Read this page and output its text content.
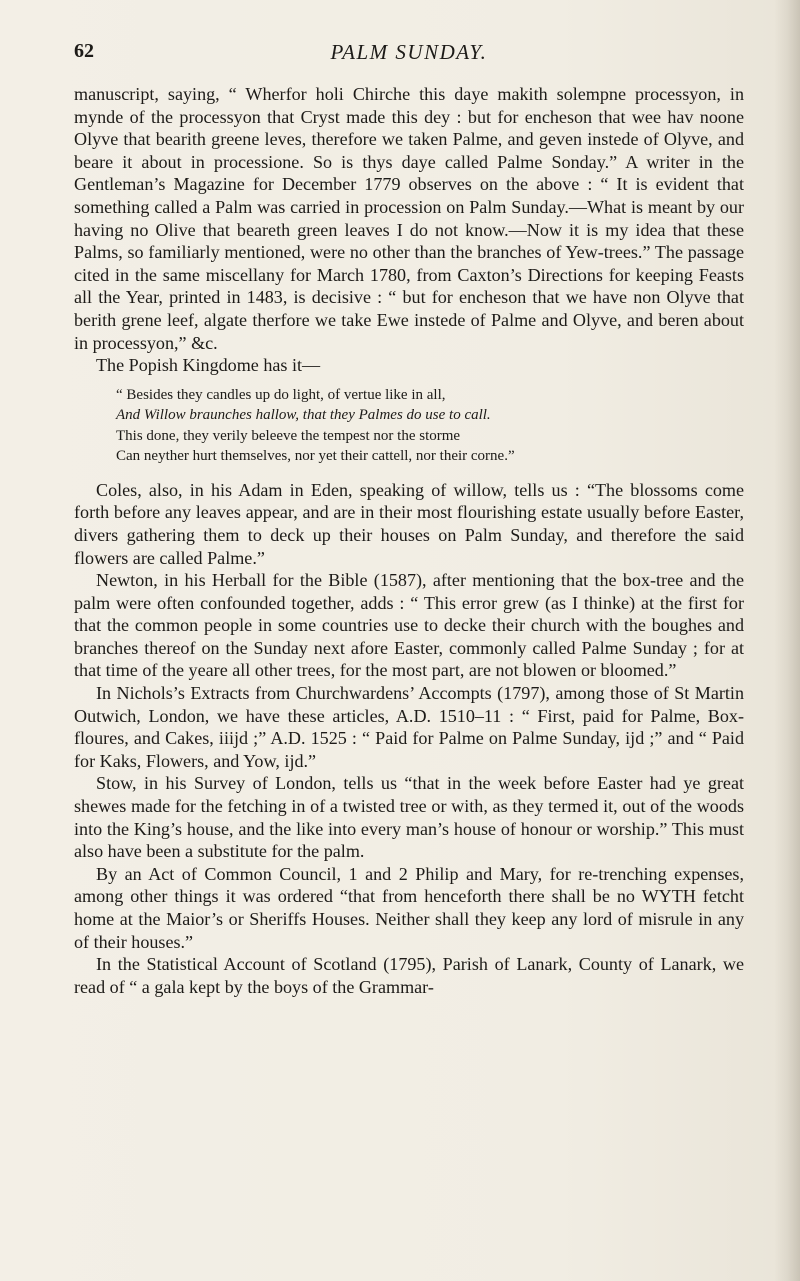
62	PALM SUNDAY.

manuscript, saying, “ Wherfor holi Chirche this daye makith solempne processyon, in mynde of the processyon that Cryst made this dey : but for encheson that wee hav noone Olyve that bearith greene leves, therefore we taken Palme, and geven instede of Olyve, and beare it about in processione. So is thys daye called Palme Sonday.” A writer in the Gentleman’s Magazine for December 1779 observes on the above : “ It is evident that something called a Palm was carried in procession on Palm Sunday.—What is meant by our having no Olive that beareth green leaves I do not know.—Now it is my idea that these Palms, so familiarly mentioned, were no other than the branches of Yew-trees.” The passage cited in the same miscellany for March 1780, from Caxton’s Directions for keeping Feasts all the Year, printed in 1483, is decisive : “ but for encheson that we have non Olyve that berith grene leef, algate therfore we take Ewe instede of Palme and Olyve, and beren about in processyon,” &c.

The Popish Kingdome has it—

“ Besides they candles up do light, of vertue like in all,
And Willow braunches hallow, that they Palmes do use to call.
This done, they verily beleeve the tempest nor the storme
Can neyther hurt themselves, nor yet their cattell, nor their corne.”

Coles, also, in his Adam in Eden, speaking of willow, tells us : “The blossoms come forth before any leaves appear, and are in their most flourishing estate usually before Easter, divers gathering them to deck up their houses on Palm Sunday, and therefore the said flowers are called Palme.”

Newton, in his Herball for the Bible (1587), after mentioning that the box-tree and the palm were often confounded together, adds : “ This error grew (as I thinke) at the first for that the common people in some countries use to decke their church with the boughes and branches thereof on the Sunday next afore Easter, commonly called Palme Sunday ; for at that time of the yeare all other trees, for the most part, are not blowen or bloomed.”

In Nichols’s Extracts from Churchwardens’ Accompts (1797), among those of St Martin Outwich, London, we have these articles, A.D. 1510–11 : “ First, paid for Palme, Box-floures, and Cakes, iiijd ;” A.D. 1525 : “ Paid for Palme on Palme Sunday, ijd ;” and “ Paid for Kaks, Flowers, and Yow, ijd.”

Stow, in his Survey of London, tells us “that in the week before Easter had ye great shewes made for the fetching in of a twisted tree or with, as they termed it, out of the woods into the King’s house, and the like into every man’s house of honour or worship.” This must also have been a substitute for the palm.

By an Act of Common Council, 1 and 2 Philip and Mary, for re-trenching expenses, among other things it was ordered “that from henceforth there shall be no WYTH fetcht home at the Maior’s or Sheriffs Houses. Neither shall they keep any lord of misrule in any of their houses.”

In the Statistical Account of Scotland (1795), Parish of Lanark, County of Lanark, we read of “ a gala kept by the boys of the Grammar-
